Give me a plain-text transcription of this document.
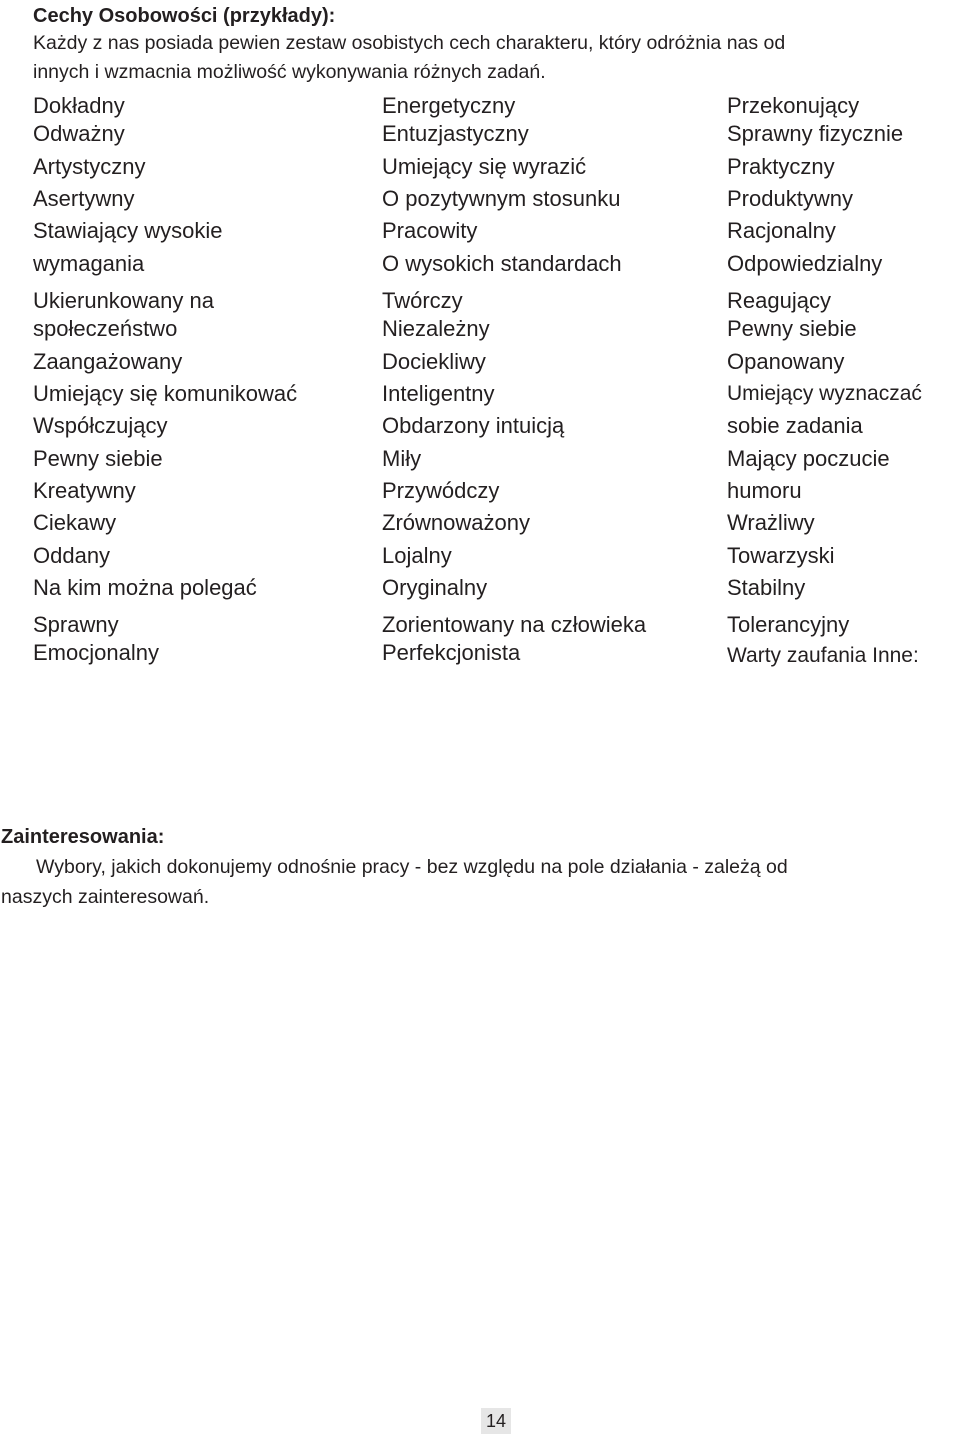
Cechy Osobowości (przykłady):
Każdy z nas posiada pewien zestaw osobistych cech charakteru, który odróżnia nas od
innych i wzmacnia możliwość wykonywania różnych zadań.
Dokładny
Odważny
Artystyczny
Asertywny
Stawiający wysokie
wymagania
Ukierunkowany na
społeczeństwo
Zaangażowany
Umiejący się komunikować
Współczujący
Pewny siebie
Kreatywny
Ciekawy
Oddany
Na kim można polegać
Sprawny
Emocjonalny
Energetyczny
Entuzjastyczny
Umiejący się wyrazić
O pozytywnym stosunku
Pracowity
O wysokich standardach
Twórczy
Niezależny
Dociekliwy
Inteligentny
Obdarzony intuicją
Miły
Przywódczy
Zrównoważony
Lojalny
Oryginalny
Zorientowany na człowieka
Perfekcjonista
Przekonujący
Sprawny fizycznie
Praktyczny
Produktywny
Racjonalny
Odpowiedzialny
Reagujący
Pewny siebie
Opanowany
Umiejący wyznaczać
sobie zadania
Mający poczucie
humoru
Wrażliwy
Towarzyski
Stabilny
Tolerancyjny
Warty zaufania Inne:
Zainteresowania:
Wybory, jakich dokonujemy odnośnie pracy - bez względu na pole działania - zależą od
naszych zainteresowań.
14
